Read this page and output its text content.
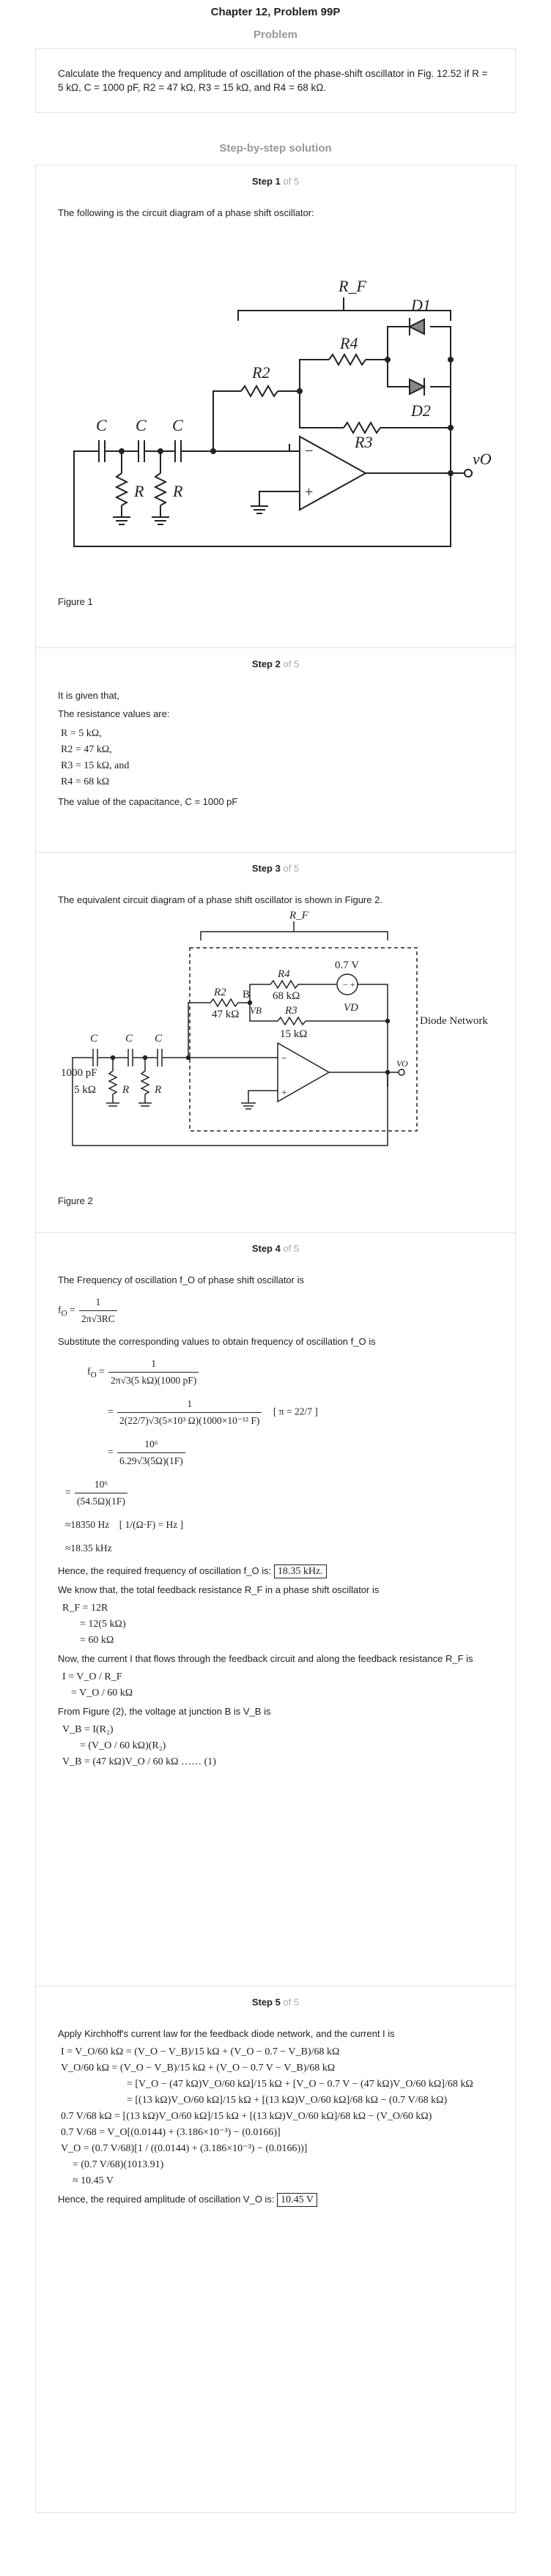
Chapter 12, Problem 99P
Problem
Calculate the frequency and amplitude of oscillation of the phase-shift oscillator in Fig. 12.52 if R = 5 kΩ, C = 1000 pF, R2 = 47 kΩ, R3 = 15 kΩ, and R4 = 68 kΩ.
Step-by-step solution
Step 1 of 5

The following is the circuit diagram of a phase shift oscillator:

R_F
D1
D2
R4
R2
R3
C C C
R R
vO
−
+
Figure 1
Step 2 of 5

It is given that,

The resistance values are:

R = 5 kΩ,

R2 = 47 kΩ,

R3 = 15 kΩ, and

R4 = 68 kΩ

The value of the capacitance, C = 1000 pF

Step 3 of 5

The equivalent circuit diagram of a phase shift oscillator is shown in Figure 2.

R_F
0.7 V
R4
68 kΩ
R2 B
47 kΩ VB	VD
R3
15 kΩ
Diode Network
C	C C
1000 pF
5 kΩ R R
VO
−
+
− +
Figure 2
Step 4 of 5

The Frequency of oscillation f_O of phase shift oscillator is

$f_O = \frac{1}{2\pi√3RC}$

Substitute the corresponding values to obtain frequency of oscillation f_O is

$f_O = \frac{1}{2\pi√3(5 k\Omega)(1000 pF)}$
= $\frac{1}{\text{2(22/7)√3(5×10³ Ω)(1000×10⁻¹² F)}}$ [ π = 22/7 ]
= $\frac{\text{10⁶}}{6.29√3(5\Omega)(1F)}$
= $\frac{\text{10⁶}}{(54.5\Omega)(1F)}$
≈18350 Hz    [ 1/(Ω·F) = Hz ]
≈18.35 kHz

Hence, the required frequency of oscillation f_O is: 18.35 kHz.

We know that, the total feedback resistance R_F in a phase shift oscillator is

R_F = 12R

= 12(5 kΩ)

= 60 kΩ

Now, the current I that flows through the feedback circuit and along the feedback resistance R_F is

I = V_O / R_F

= V_O / 60 kΩ

From Figure (2), the voltage at junction B is V_B is

V_B = I(R₂)

= (V_O / 60 kΩ)(R₂)

V_B = (47 kΩ)V_O / 60 kΩ …… (1)

Step 5 of 5

Apply Kirchhoff's current law for the feedback diode network, and the current I is

I = V_O/60 kΩ = (V_O − V_B)/15 kΩ + (V_O − 0.7 − V_B)/68 kΩ

V_O/60 kΩ = (V_O − V_B)/15 kΩ + (V_O − 0.7 V − V_B)/68 kΩ

= [V_O − (47 kΩ)V_O/60 kΩ]/15 kΩ + [V_O − 0.7 V − (47 kΩ)V_O/60 kΩ]/68 kΩ

= [(13 kΩ)V_O/60 kΩ]/15 kΩ + [(13 kΩ)V_O/60 kΩ]/68 kΩ − (0.7 V/68 kΩ)

0.7 V/68 kΩ = [(13 kΩ)V_O/60 kΩ]/15 kΩ + [(13 kΩ)V_O/60 kΩ]/68 kΩ − (V_O/60 kΩ)

0.7 V/68 = V_O[(0.0144) + (3.186×10⁻³) − (0.0166)]

V_O = (0.7 V/68)[1 / ((0.0144) + (3.186×10⁻³) − (0.0166))]

= (0.7 V/68)(1013.91)

≈ 10.45 V

Hence, the required amplitude of oscillation V_O is: 10.45 V
